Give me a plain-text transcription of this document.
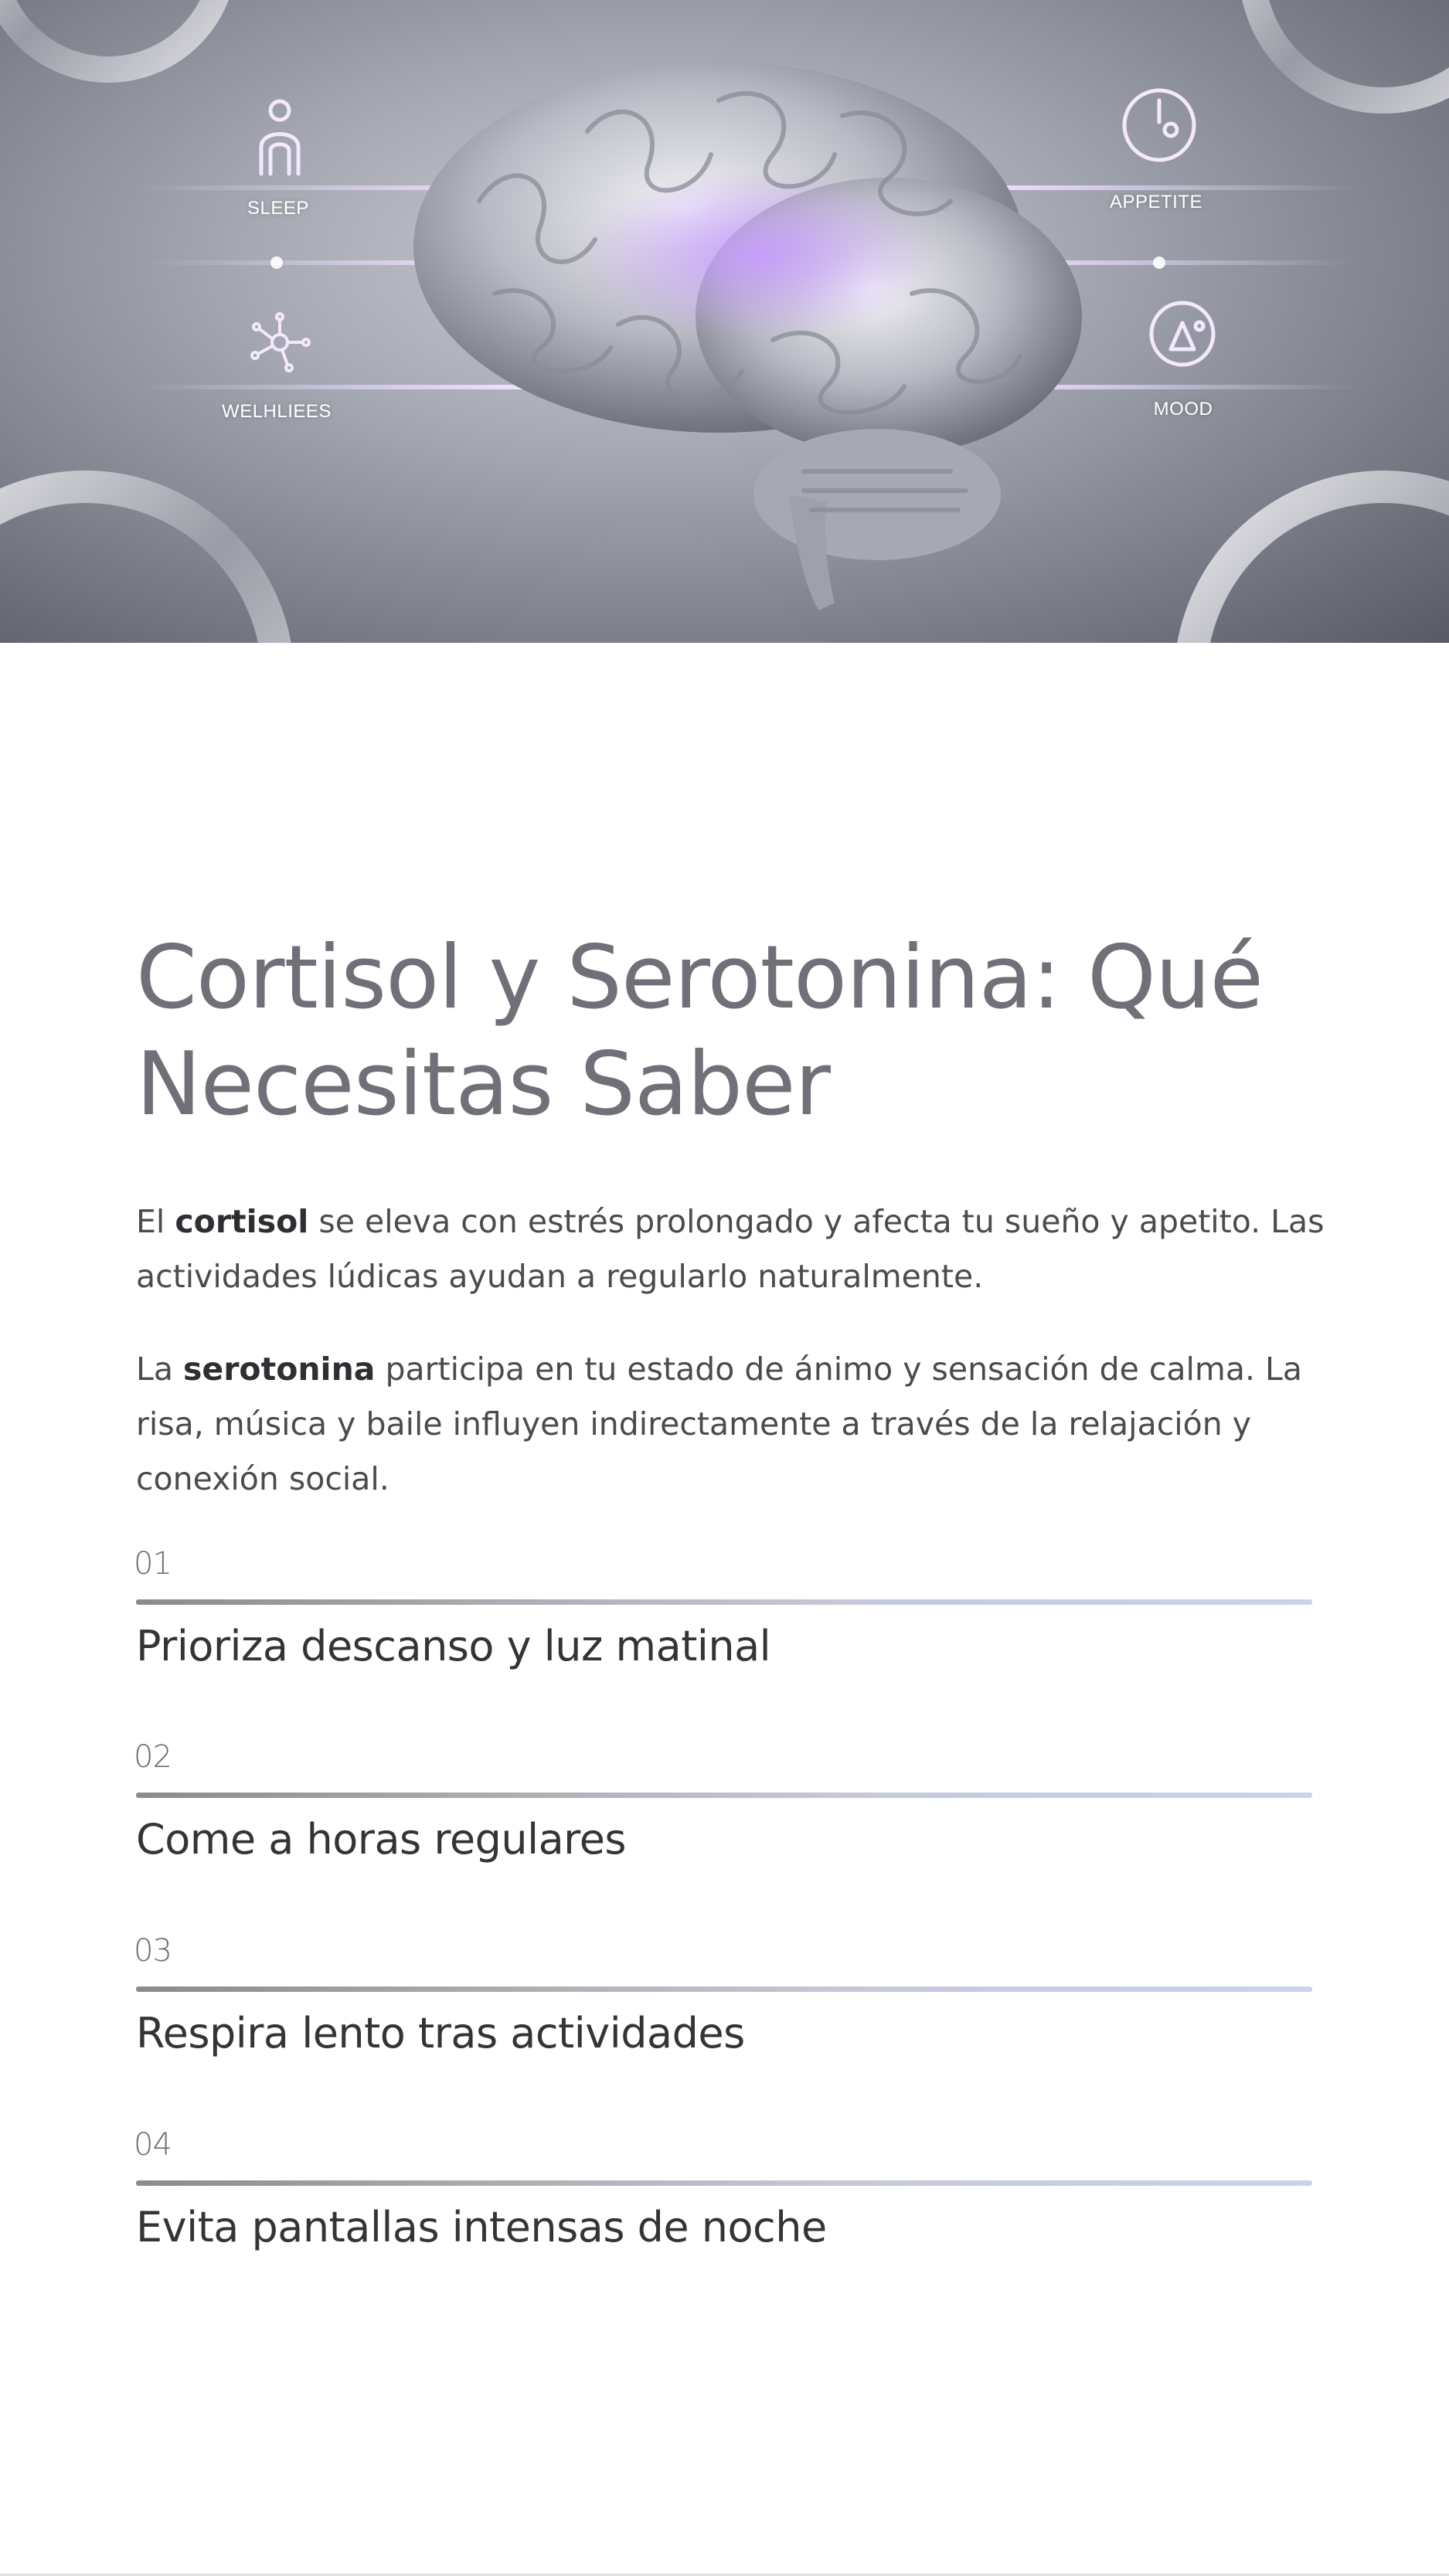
SLEEP	APPETITE
WELHLIEES	MOOD
Cortisol y Serotonina: Qué Necesitas Saber

El cortisol se eleva con estrés prolongado y afecta tu sueño y apetito. Las actividades lúdicas ayudan a regularlo naturalmente.

La serotonina participa en tu estado de ánimo y sensación de calma. La risa, música y baile influyen indirectamente a través de la relajación y conexión social.

01
Prioriza descanso y luz matinal
02
Come a horas regulares
03
Respira lento tras actividades
04
Evita pantallas intensas de noche
